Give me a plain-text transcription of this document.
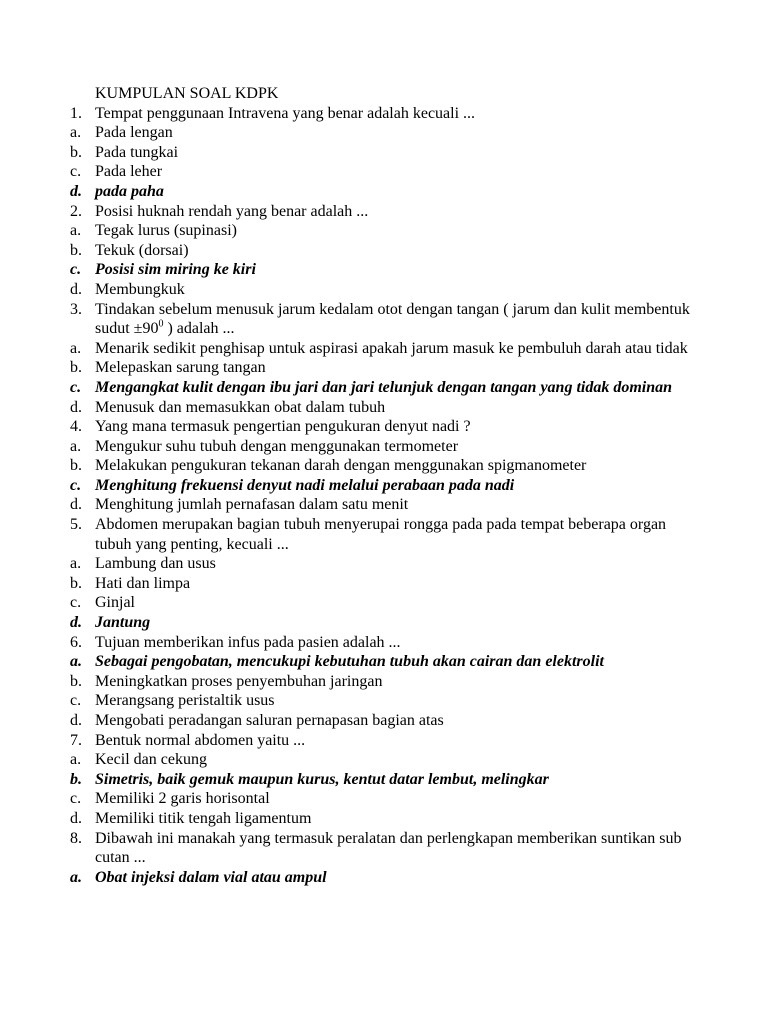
KUMPULAN SOAL KDPK
1. Tempat penggunaan Intravena yang benar adalah kecuali ...
a. Pada lengan
b. Pada tungkai
c. Pada leher
d. pada paha
2. Posisi huknah rendah yang benar adalah ...
a. Tegak lurus (supinasi)
b. Tekuk (dorsai)
c. Posisi sim miring ke kiri
d. Membungkuk
3. Tindakan sebelum menusuk jarum kedalam otot dengan tangan ( jarum dan kulit membentuk sudut $\pm 90^0$ ) adalah ...
a. Menarik sedikit penghisap untuk aspirasi apakah jarum masuk ke pembuluh darah atau tidak
b. Melepaskan sarung tangan
c. Mengangkat kulit dengan ibu jari dan jari telunjuk dengan tangan yang tidak dominan
d. Menusuk dan memasukkan obat dalam tubuh
4. Yang mana termasuk pengertian pengukuran denyut nadi ?
a. Mengukur suhu tubuh dengan menggunakan termometer
b. Melakukan pengukuran tekanan darah dengan menggunakan spigmanometer
c. Menghitung frekuensi denyut nadi melalui perabaan pada nadi
d. Menghitung jumlah pernafasan dalam satu menit
5. Abdomen merupakan bagian tubuh menyerupai rongga pada pada tempat beberapa organ tubuh yang penting, kecuali ...
a. Lambung dan usus
b. Hati dan limpa
c. Ginjal
d. Jantung
6. Tujuan memberikan infus pada pasien adalah ...
a. Sebagai pengobatan, mencukupi kebutuhan tubuh akan cairan dan elektrolit
b. Meningkatkan proses penyembuhan jaringan
c. Merangsang peristaltik usus
d. Mengobati peradangan saluran pernapasan bagian atas
7. Bentuk normal abdomen yaitu ...
a. Kecil dan cekung
b. Simetris, baik gemuk maupun kurus, kentut datar lembut, melingkar
c. Memiliki 2 garis horisontal
d. Memiliki titik tengah ligamentum
8. Dibawah ini manakah yang termasuk peralatan dan perlengkapan memberikan suntikan sub cutan ...
a. Obat injeksi dalam vial atau ampul
